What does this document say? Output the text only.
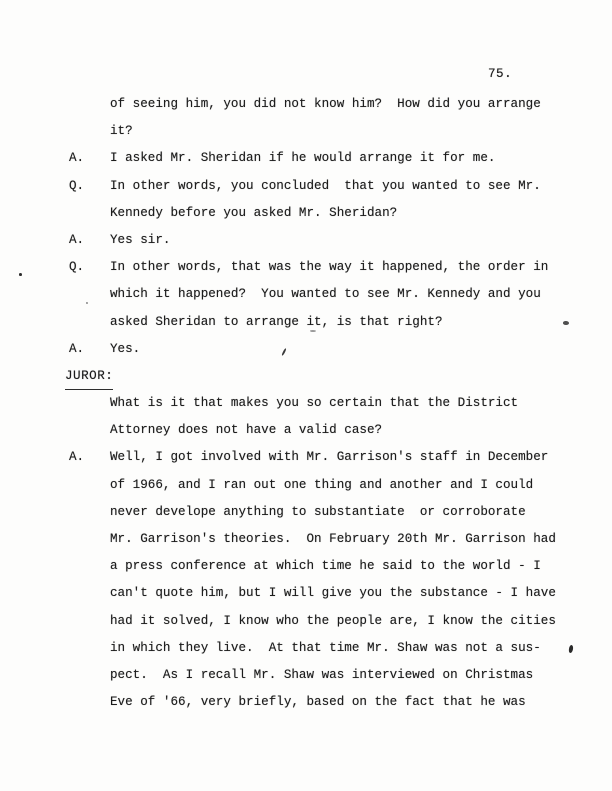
75.
of seeing him, you did not know him?  How did you arrange
it?
A.	I asked Mr. Sheridan if he would arrange it for me.
Q.	In other words, you concluded  that you wanted to see Mr.
Kennedy before you asked Mr. Sheridan?
A.	Yes sir.
Q.	In other words, that was the way it happened, the order in
which it happened?  You wanted to see Mr. Kennedy and you
asked Sheridan to arrange it, is that right?
A.	Yes.
JUROR:
What is it that makes you so certain that the District
Attorney does not have a valid case?
A.	Well, I got involved with Mr. Garrison's staff in December
of 1966, and I ran out one thing and another and I could
never develope anything to substantiate  or corroborate
Mr. Garrison's theories.  On February 20th Mr. Garrison had
a press conference at which time he said to the world - I
can't quote him, but I will give you the substance - I have
had it solved, I know who the people are, I know the cities
in which they live.  At that time Mr. Shaw was not a sus-
pect.  As I recall Mr. Shaw was interviewed on Christmas
Eve of '66, very briefly, based on the fact that he was
